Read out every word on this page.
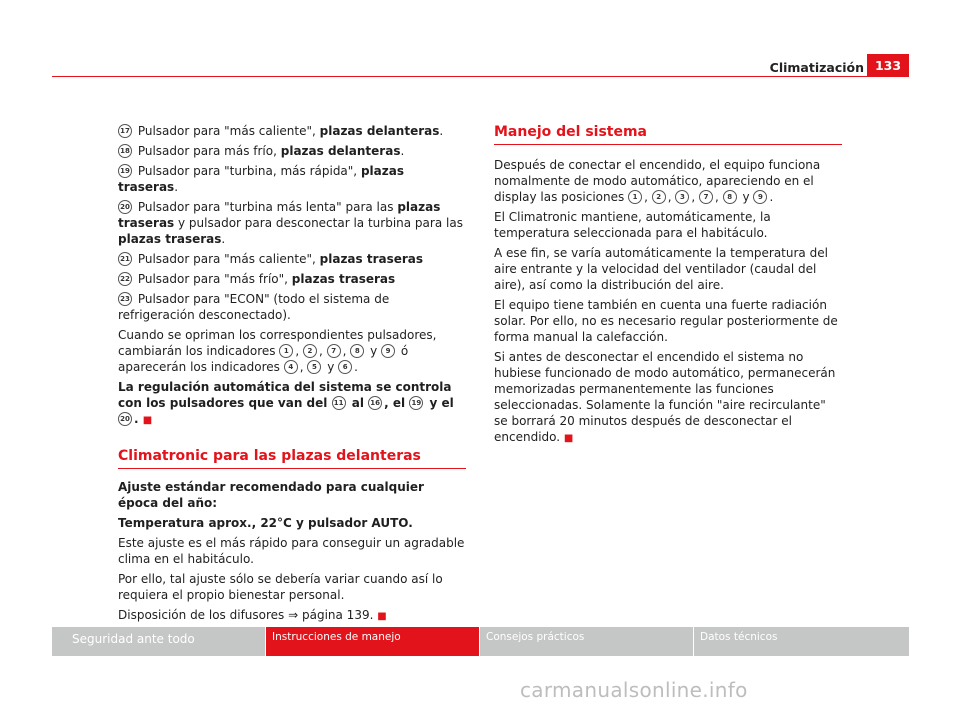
Climatización 133

17 Pulsador para "más caliente", plazas delanteras.

18 Pulsador para más frío, plazas delanteras.

19 Pulsador para "turbina, más rápida", plazas traseras.

20 Pulsador para "turbina más lenta" para las plazas traseras y pulsador para desconectar la turbina para las plazas traseras.

21 Pulsador para "más caliente", plazas traseras

22 Pulsador para "más frío", plazas traseras

23 Pulsador para "ECON" (todo el sistema de refrigeración desconectado).

Cuando se opriman los correspondientes pulsadores, cambiarán los indicadores 1 , 2 , 7 , 8 y 9 ó aparecerán los indicadores 4 , 5 y 6 .

La regulación automática del sistema se controla con los pulsadores que van del 11 al 16 , el 19 y el 20 . ■

Climatronic para las plazas delanteras

Ajuste estándar recomendado para cualquier época del año:

Temperatura aprox., 22°C y pulsador AUTO.

Este ajuste es el más rápido para conseguir un agradable clima en el habitáculo.

Por ello, tal ajuste sólo se debería variar cuando así lo requiera el propio bienestar personal.

Disposición de los difusores ⇒ página 139. ■

Manejo del sistema

Después de conectar el encendido, el equipo funciona nomalmente de modo automático, apareciendo en el display las posiciones 1 , 2 , 3 , 7 , 8 y 9 .

El Climatronic mantiene, automáticamente, la temperatura seleccionada para el habitáculo.

A ese fin, se varía automáticamente la temperatura del aire entrante y la velocidad del ventilador (caudal del aire), así como la distribución del aire.

El equipo tiene también en cuenta una fuerte radiación solar. Por ello, no es necesario regular posteriormente de forma manual la calefacción.

Si antes de desconectar el encendido el sistema no hubiese funcionado de modo automático, permanecerán memorizadas permanentemente las funciones seleccionadas. Solamente la función "aire recirculante" se borrará 20 minutos después de desconectar el encendido. ■

Seguridad ante todo	Instrucciones de manejo	Consejos prácticos	Datos técnicos
carmanualsonline.info
